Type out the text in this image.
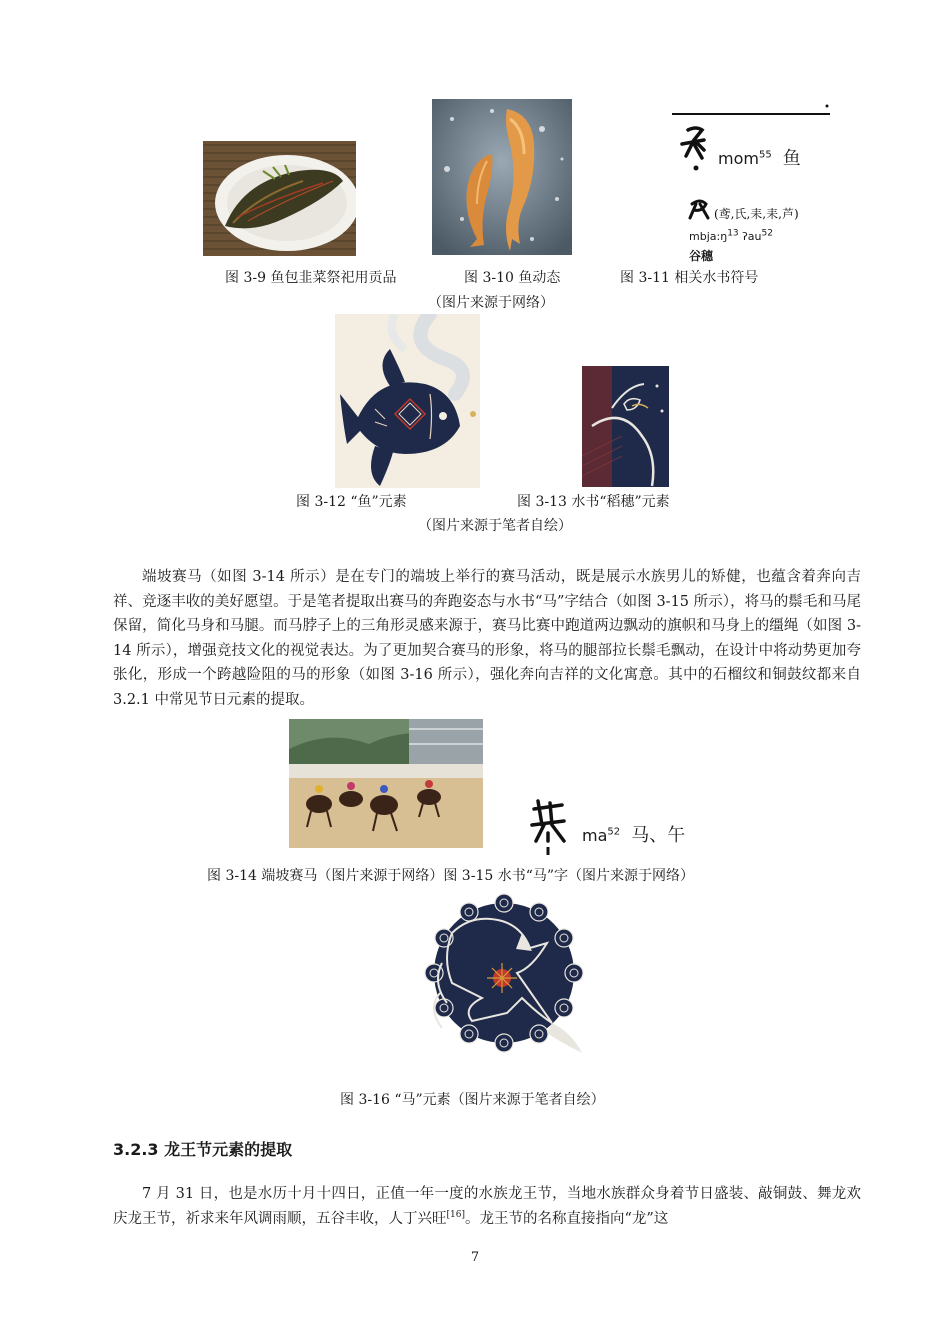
(鸢,氏,耒,耒,芦)
mom$^{55}$ 鱼
$mbja:ŋ^{13}$ ʔau$^{52}$
谷穗
图 3-9 鱼包韭菜祭祀用贡品	图 3-10 鱼动态	图 3-11 相关水书符号
（图片来源于网络）
图 3-12 “鱼”元素	图 3-13 水书“稻穗”元素
（图片来源于笔者自绘）

端坡赛马（如图 3-14 所示）是在专门的端坡上举行的赛马活动，既是展示水族男儿的矫健，也蕴含着奔向吉祥、竞逐丰收的美好愿望。于是笔者提取出赛马的奔跑姿态与水书“马”字结合（如图 3-15 所示），将马的鬃毛和马尾保留，简化马身和马腿。而马脖子上的三角形灵感来源于，赛马比赛中跑道两边飘动的旗帜和马身上的缰绳（如图 3-14 所示），增强竞技文化的视觉表达。为了更加契合赛马的形象，将马的腿部拉长鬃毛飘动，在设计中将动势更加夸张化，形成一个跨越险阻的马的形象（如图 3-16 所示），强化奔向吉祥的文化寓意。其中的石榴纹和铜鼓纹都来自 3.2.1 中常见节日元素的提取。

$ma^{52}$ 马、午
图 3-14 端坡赛马（图片来源于网络）图 3-15 水书“马”字（图片来源于网络）
图 3-16 “马”元素（图片来源于笔者自绘）
3.2.3 龙王节元素的提取

7 月 31 日，也是水历十月十四日，正值一年一度的水族龙王节，当地水族群众身着节日盛装、敲铜鼓、舞龙欢庆龙王节，祈求来年风调雨顺，五谷丰收，人丁兴旺[16]。龙王节的名称直接指向“龙”这

7
